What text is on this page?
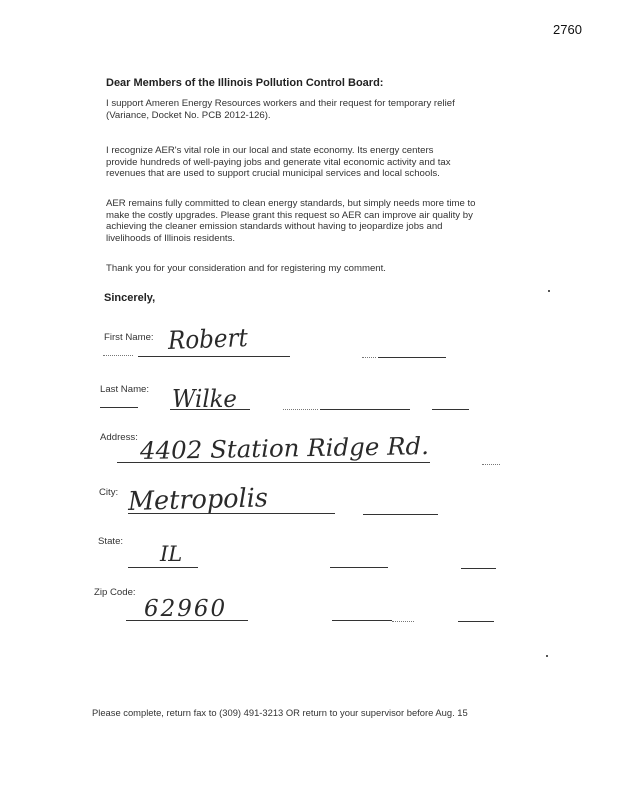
2760
Dear Members of the Illinois Pollution Control Board:

I support Ameren Energy Resources workers and their request for temporary relief
(Variance, Docket No. PCB 2012-126).

I recognize AER's vital role in our local and state economy. Its energy centers
provide hundreds of well-paying jobs and generate vital economic activity and tax
revenues that are used to support crucial municipal services and local schools.

AER remains fully committed to clean energy standards, but simply needs more time to
make the costly upgrades. Please grant this request so AER can improve air quality by
achieving the cleaner emission standards without having to jeopardize jobs and
livelihoods of Illinois residents.

Thank you for your consideration and for registering my comment.

Sincerely,
First Name: Robert
Last Name: Wilke
Address: 4402 Station Ridge Rd.
City: Metropolis
State:
IL
Zip Code:
62960
Please complete, return fax to (309) 491-3213 OR return to your supervisor before Aug. 15
